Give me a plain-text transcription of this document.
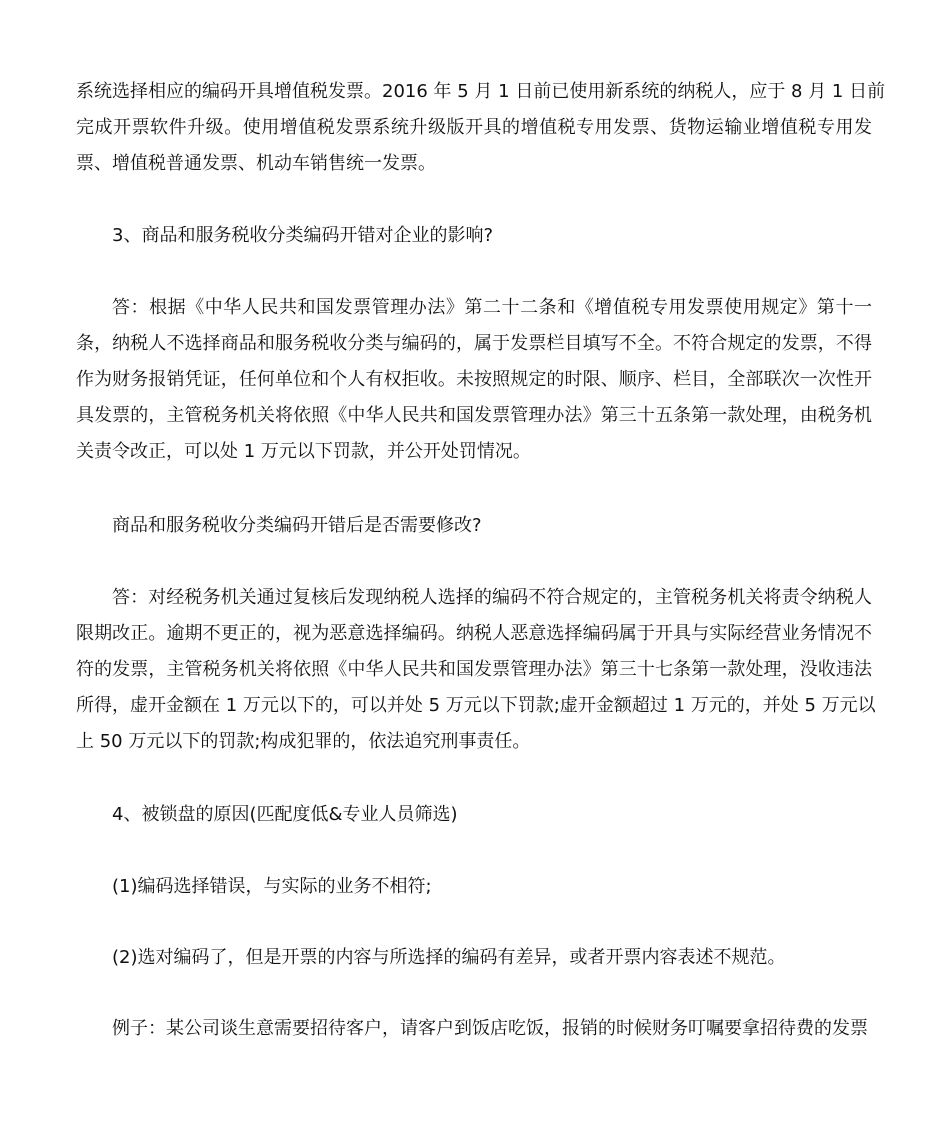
系统选择相应的编码开具增值税发票。2016 年 5 月 1 日前已使用新系统的纳税人，应于 8 月 1 日前
完成开票软件升级。使用增值税发票系统升级版开具的增值税专用发票、货物运输业增值税专用发
票、增值税普通发票、机动车销售统一发票。
3、商品和服务税收分类编码开错对企业的影响?
答：根据《中华人民共和国发票管理办法》第二十二条和《增值税专用发票使用规定》第十一
条，纳税人不选择商品和服务税收分类与编码的，属于发票栏目填写不全。不符合规定的发票，不得
作为财务报销凭证，任何单位和个人有权拒收。未按照规定的时限、顺序、栏目，全部联次一次性开
具发票的，主管税务机关将依照《中华人民共和国发票管理办法》第三十五条第一款处理，由税务机
关责令改正，可以处 1 万元以下罚款，并公开处罚情况。
商品和服务税收分类编码开错后是否需要修改?
答：对经税务机关通过复核后发现纳税人选择的编码不符合规定的，主管税务机关将责令纳税人
限期改正。逾期不更正的，视为恶意选择编码。纳税人恶意选择编码属于开具与实际经营业务情况不
符的发票，主管税务机关将依照《中华人民共和国发票管理办法》第三十七条第一款处理，没收违法
所得，虚开金额在 1 万元以下的，可以并处 5 万元以下罚款;虚开金额超过 1 万元的，并处 5 万元以
上 50 万元以下的罚款;构成犯罪的，依法追究刑事责任。
4、被锁盘的原因(匹配度低&专业人员筛选)
(1)编码选择错误，与实际的业务不相符;
(2)选对编码了，但是开票的内容与所选择的编码有差异，或者开票内容表述不规范。
例子：某公司谈生意需要招待客户，请客户到饭店吃饭，报销的时候财务叮嘱要拿招待费的发票
